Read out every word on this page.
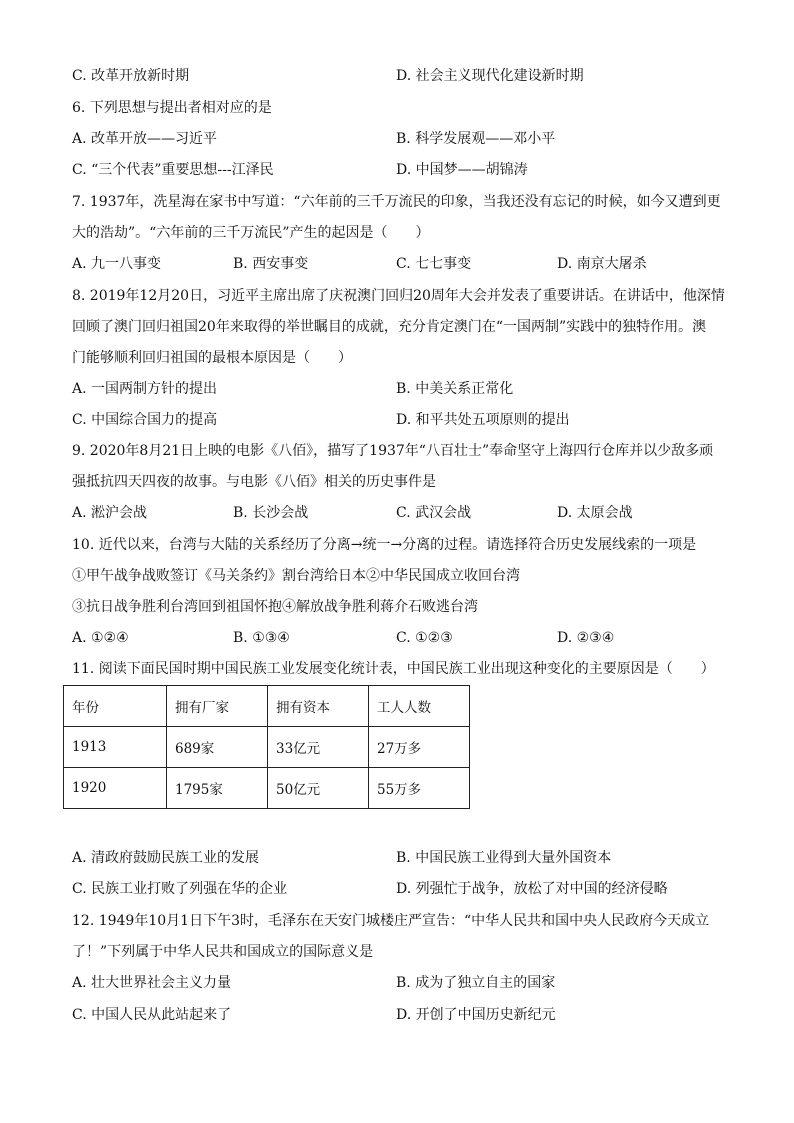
C. 改革开放新时期	D. 社会主义现代化建设新时期
6. 下列思想与提出者相对应的是
A. 改革开放——习近平	B. 科学发展观——邓小平
C. “三个代表”重要思想---江泽民	D. 中国梦——胡锦涛
7. 1937年，冼星海在家书中写道：“六年前的三千万流民的印象，当我还没有忘记的时候，如今又遭到更
大的浩劫”。“六年前的三千万流民”产生的起因是（　　）
A. 九一八事变	B. 西安事变	C. 七七事变	D. 南京大屠杀
8. 2019年12月20日，习近平主席出席了庆祝澳门回归20周年大会并发表了重要讲话。在讲话中，他深情
回顾了澳门回归祖国20年来取得的举世瞩目的成就，充分肯定澳门在“一国两制”实践中的独特作用。澳
门能够顺利回归祖国的最根本原因是（　　）
A. 一国两制方针的提出	B. 中美关系正常化
C. 中国综合国力的提高	D. 和平共处五项原则的提出
9. 2020年8月21日上映的电影《八佰》，描写了1937年“八百壮士”奉命坚守上海四行仓库并以少敌多顽
强抵抗四天四夜的故事。与电影《八佰》相关的历史事件是
A. 淞沪会战	B. 长沙会战	C. 武汉会战	D. 太原会战
10. 近代以来，台湾与大陆的关系经历了分离→统一→分离的过程。请选择符合历史发展线索的一项是
①甲午战争战败签订《马关条约》割台湾给日本②中华民国成立收回台湾
③抗日战争胜利台湾回到祖国怀抱④解放战争胜利蒋介石败逃台湾
A. ①②④	B. ①③④	C. ①②③	D. ②③④
11. 阅读下面民国时期中国民族工业发展变化统计表，中国民族工业出现这种变化的主要原因是（　　）
年份	拥有厂家	拥有资本	工人人数
1913	689家	33亿元	27万多
1920	1795家	50亿元	55万多
A. 清政府鼓励民族工业的发展	B. 中国民族工业得到大量外国资本
C. 民族工业打败了列强在华的企业	D. 列强忙于战争，放松了对中国的经济侵略
12. 1949年10月1日下午3时，毛泽东在天安门城楼庄严宣告：“中华人民共和国中央人民政府今天成立
了！”下列属于中华人民共和国成立的国际意义是
A. 壮大世界社会主义力量	B. 成为了独立自主的国家
C. 中国人民从此站起来了	D. 开创了中国历史新纪元
